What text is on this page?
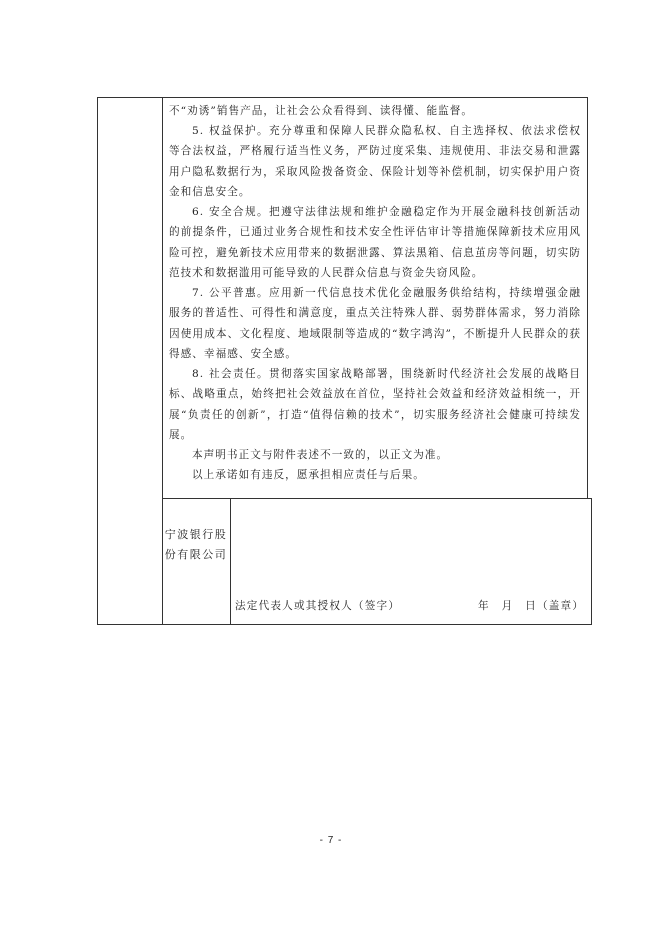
不“劝诱”销售产品，让社会公众看得到、读得懂、能监督。
5. 权益保护。充分尊重和保障人民群众隐私权、自主选择权、依法求偿权等合法权益，严格履行适当性义务，严防过度采集、违规使用、非法交易和泄露用户隐私数据行为，采取风险拨备资金、保险计划等补偿机制，切实保护用户资金和信息安全。
6. 安全合规。把遵守法律法规和维护金融稳定作为开展金融科技创新活动的前提条件，已通过业务合规性和技术安全性评估审计等措施保障新技术应用风险可控，避免新技术应用带来的数据泄露、算法黑箱、信息茧房等问题，切实防范技术和数据滥用可能导致的人民群众信息与资金失窃风险。
7. 公平普惠。应用新一代信息技术优化金融服务供给结构，持续增强金融服务的普适性、可得性和满意度，重点关注特殊人群、弱势群体需求，努力消除因使用成本、文化程度、地域限制等造成的“数字鸿沟”，不断提升人民群众的获得感、幸福感、安全感。
8. 社会责任。贯彻落实国家战略部署，围绕新时代经济社会发展的战略目标、战略重点，始终把社会效益放在首位，坚持社会效益和经济效益相统一，开展“负责任的创新”，打造“值得信赖的技术”，切实服务经济社会健康可持续发展。
本声明书正文与附件表述不一致的，以正文为准。
以上承诺如有违反，愿承担相应责任与后果。
宁波银行股份有限公司
法定代表人或其授权人（签字）	年　月　日（盖章）
- 7 -
